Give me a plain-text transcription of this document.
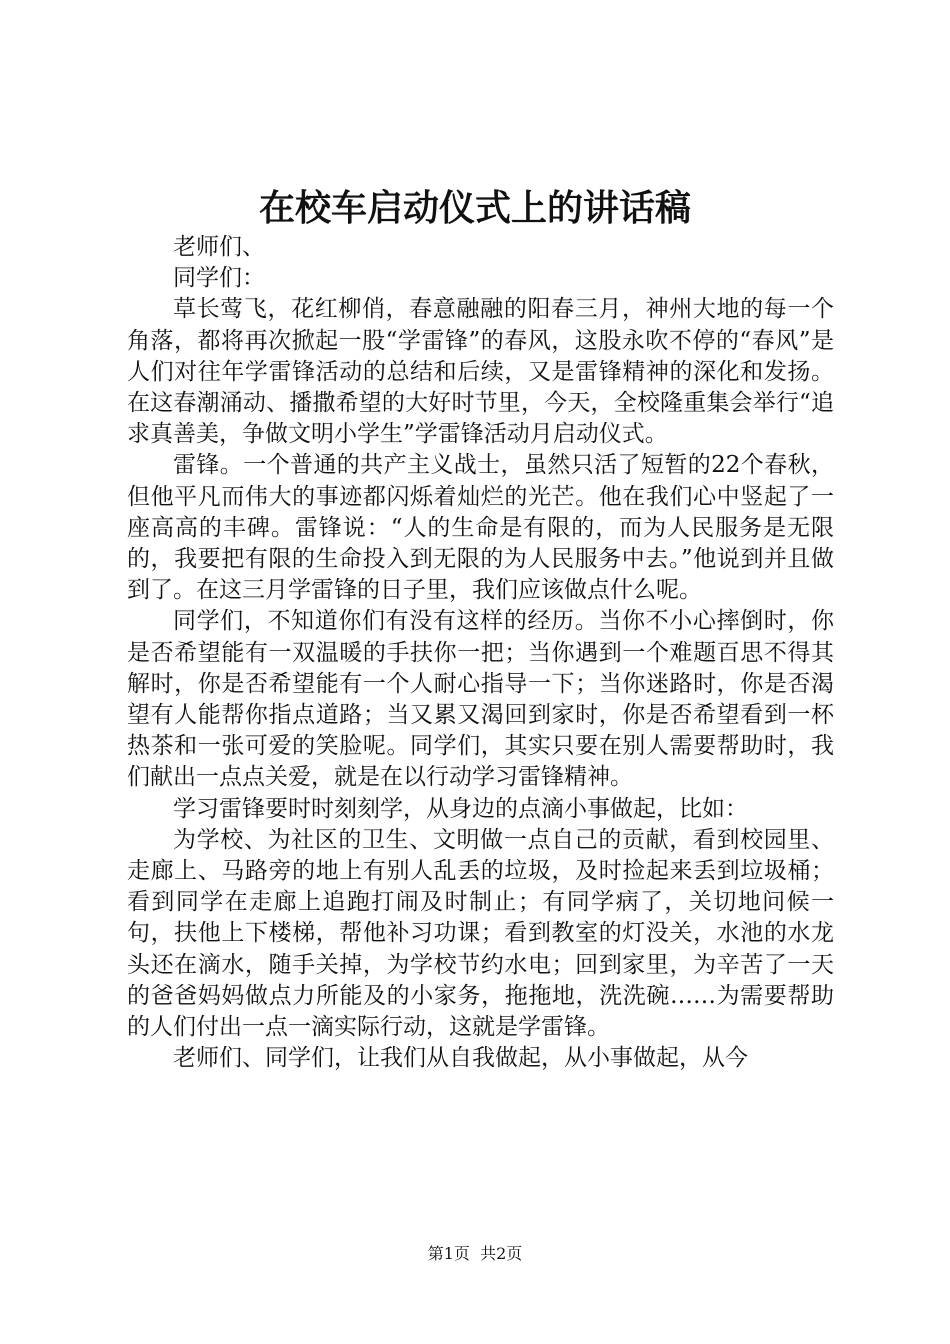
在校车启动仪式上的讲话稿

老师们、

同学们：

草长莺飞，花红柳俏，春意融融的阳春三月，神州大地的每一个角落，都将再次掀起一股“学雷锋”的春风，这股永吹不停的“春风”是人们对往年学雷锋活动的总结和后续，又是雷锋精神的深化和发扬。在这春潮涌动、播撒希望的大好时节里，今天，全校隆重集会举行“追求真善美，争做文明小学生”学雷锋活动月启动仪式。

雷锋。一个普通的共产主义战士，虽然只活了短暂的22个春秋，但他平凡而伟大的事迹都闪烁着灿烂的光芒。他在我们心中竖起了一座高高的丰碑。雷锋说：“人的生命是有限的，而为人民服务是无限的，我要把有限的生命投入到无限的为人民服务中去。”他说到并且做到了。在这三月学雷锋的日子里，我们应该做点什么呢。

同学们，不知道你们有没有这样的经历。当你不小心摔倒时，你是否希望能有一双温暖的手扶你一把；当你遇到一个难题百思不得其解时，你是否希望能有一个人耐心指导一下；当你迷路时，你是否渴望有人能帮你指点道路；当又累又渴回到家时，你是否希望看到一杯热茶和一张可爱的笑脸呢。同学们，其实只要在别人需要帮助时，我们献出一点点关爱，就是在以行动学习雷锋精神。

学习雷锋要时时刻刻学，从身边的点滴小事做起，比如：

为学校、为社区的卫生、文明做一点自己的贡献，看到校园里、走廊上、马路旁的地上有别人乱丢的垃圾，及时捡起来丢到垃圾桶；看到同学在走廊上追跑打闹及时制止；有同学病了，关切地问候一句，扶他上下楼梯，帮他补习功课；看到教室的灯没关，水池的水龙头还在滴水，随手关掉，为学校节约水电；回到家里，为辛苦了一天的爸爸妈妈做点力所能及的小家务，拖拖地，洗洗碗……为需要帮助的人们付出一点一滴实际行动，这就是学雷锋。

老师们、同学们，让我们从自我做起，从小事做起，从今

第1页  共2页
